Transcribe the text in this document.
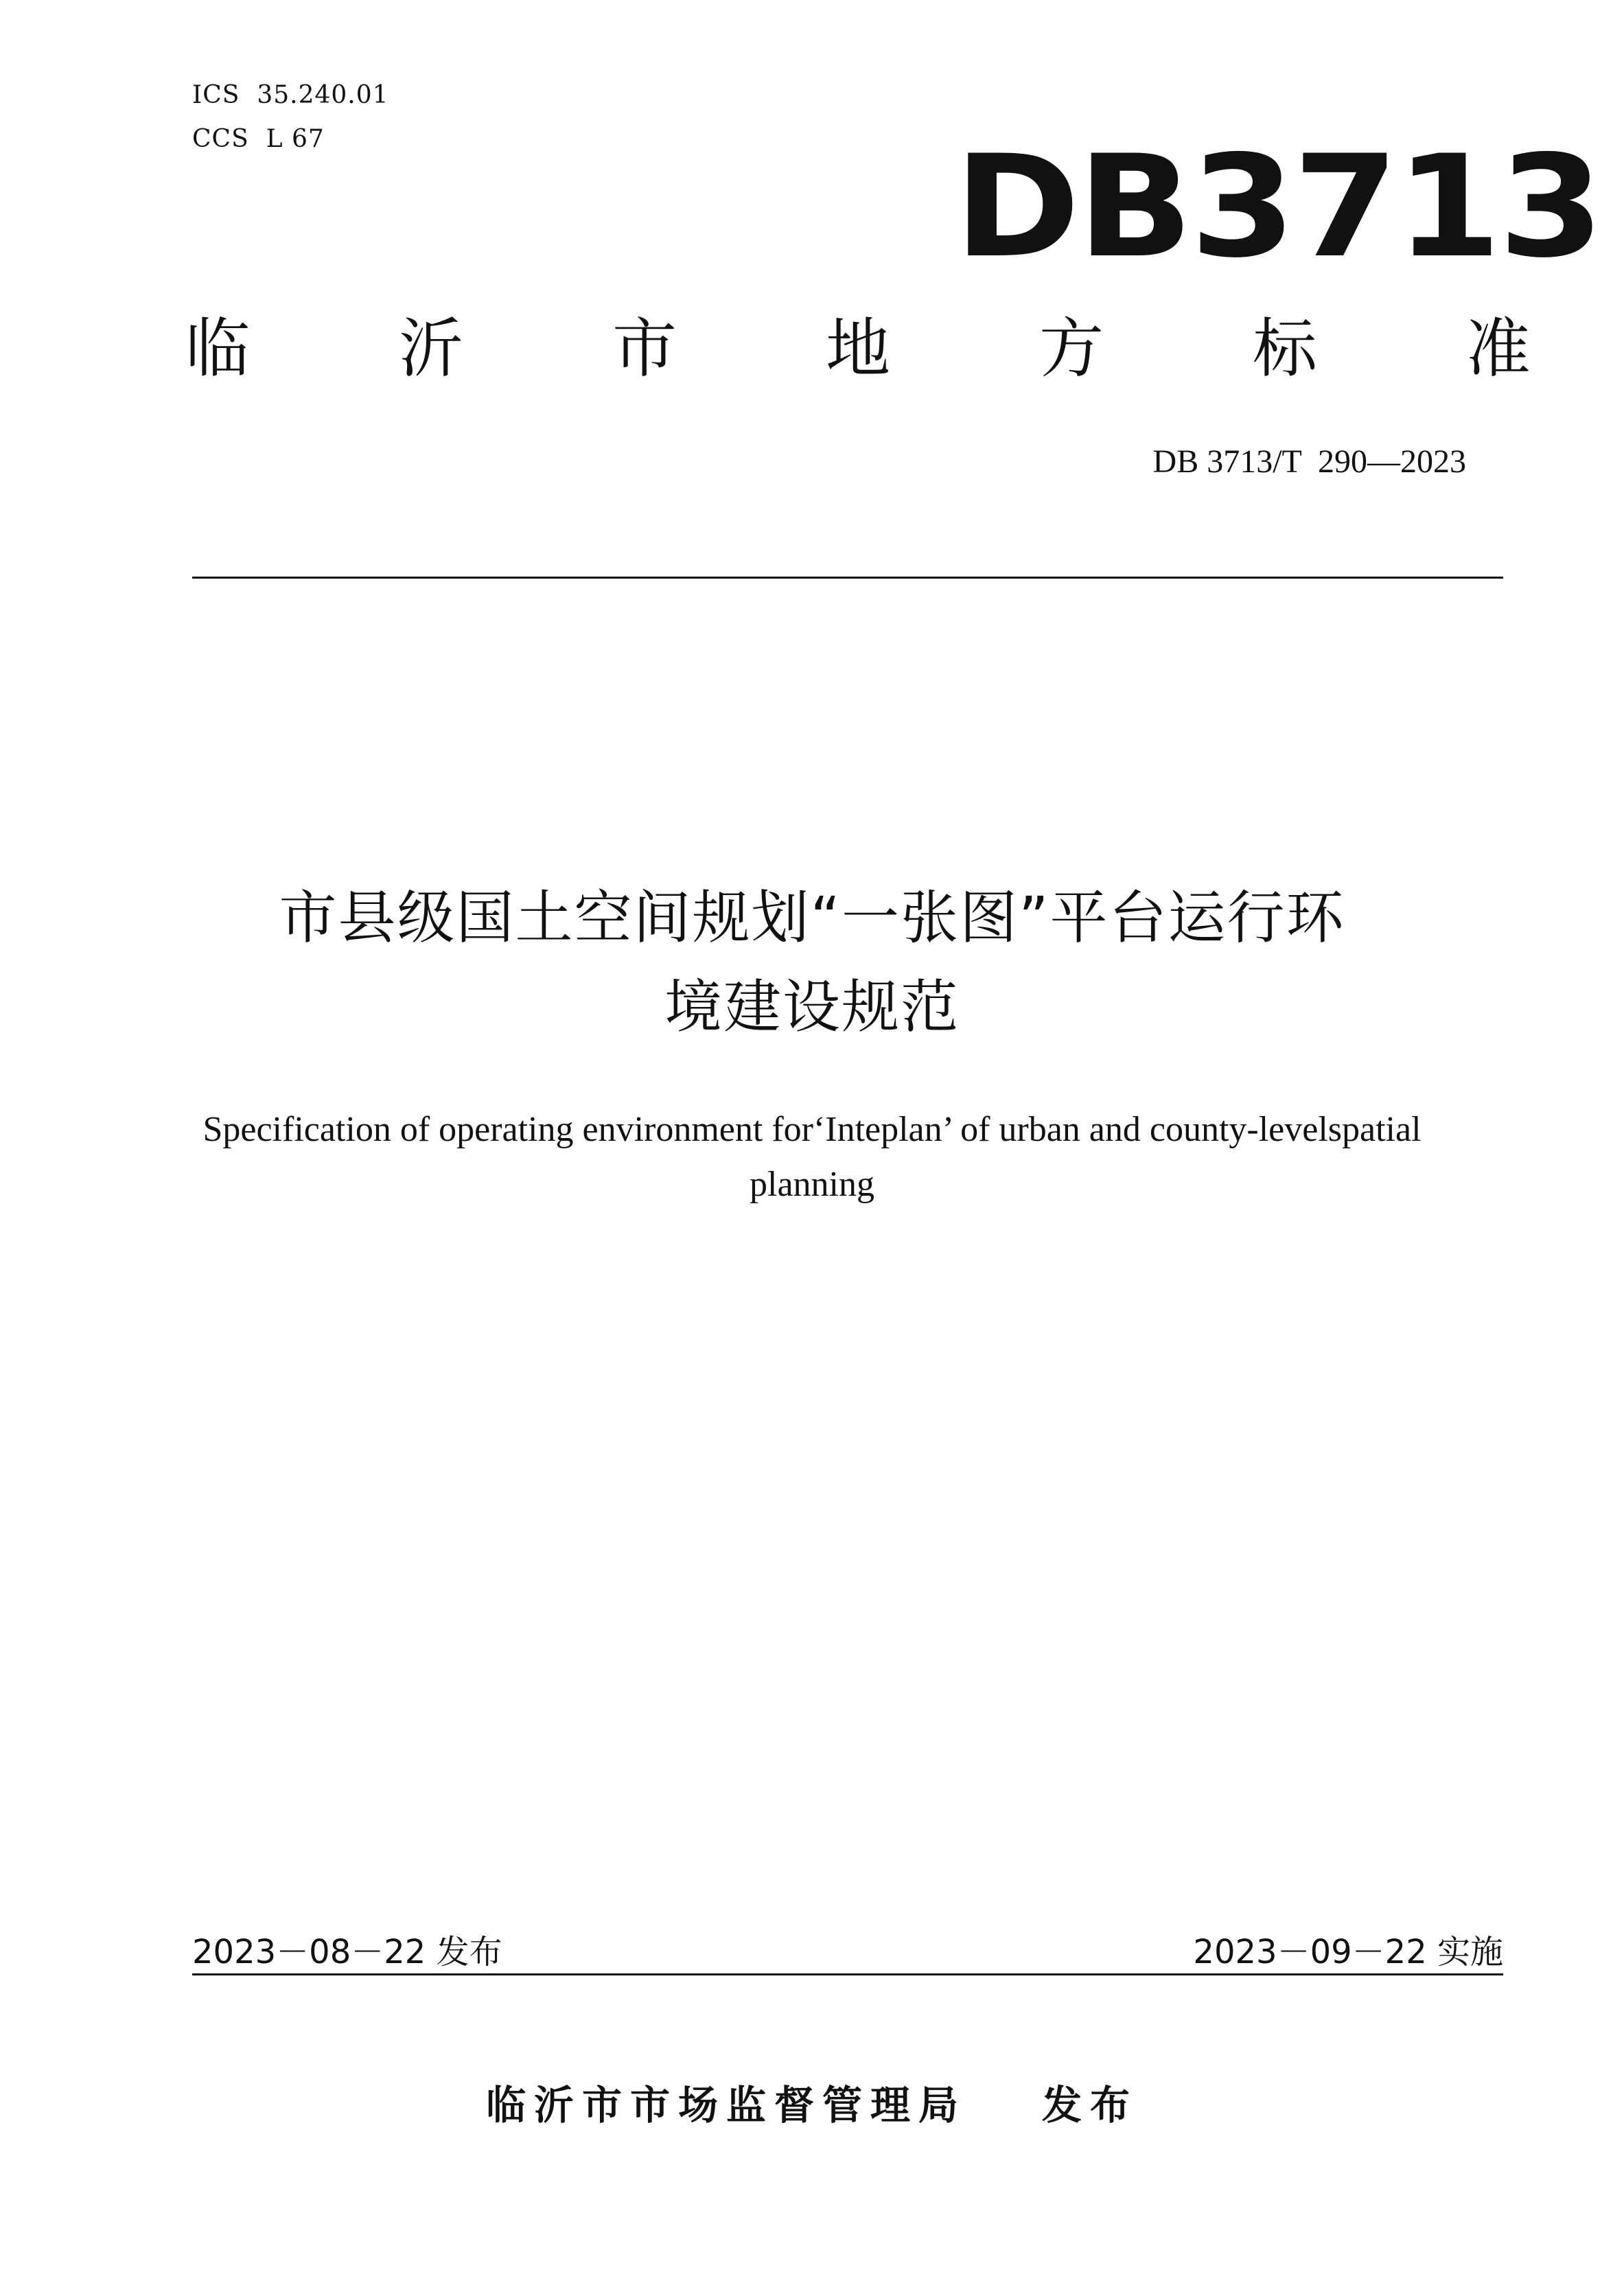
ICS 35.240.01
CCS L 67	DB3713
临 沂 市 地 方 标 准
DB 3713/T  290—2023
市县级国土空间规划“一张图”平台运行环
境建设规范
Specification of operating environment for‘Inteplan’ of urban and county-levelspatial
planning
2023－08－22 发布	2023－09－22 实施
临沂市市场监督管理局 发布
